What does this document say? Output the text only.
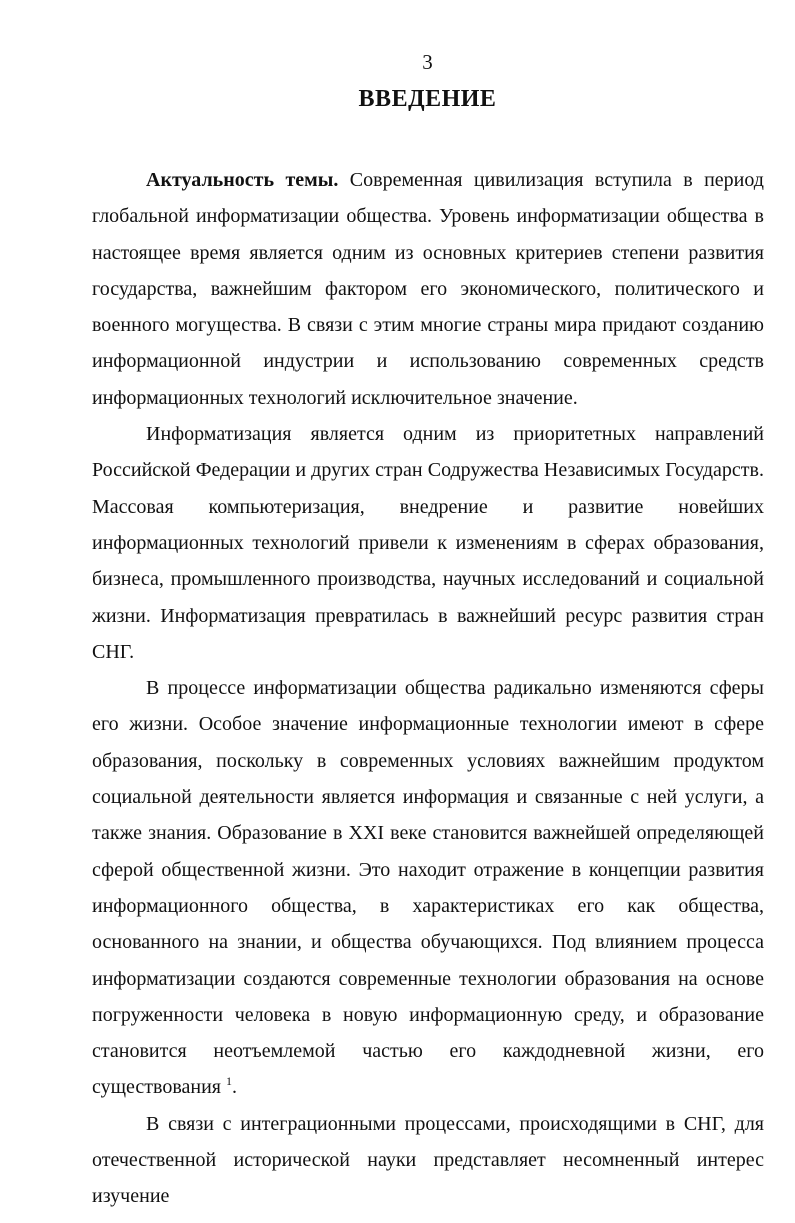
3
ВВЕДЕНИЕ

Актуальность темы. Современная цивилизация вступила в период глобальной информатизации общества. Уровень информатизации общества в настоящее время является одним из основных критериев степени развития государства, важнейшим фактором его экономического, политического и военного могущества. В связи с этим многие страны мира придают созданию информационной индустрии и использованию современных средств информационных технологий исключительное значение.

Информатизация является одним из приоритетных направлений Российской Федерации и других стран Содружества Независимых Государств. Массовая компьютеризация, внедрение и развитие новейших информационных технологий привели к изменениям в сферах образования, бизнеса, промышленного производства, научных исследований и социальной жизни. Информатизация превратилась в важнейший ресурс развития стран СНГ.

В процессе информатизации общества радикально изменяются сферы его жизни. Особое значение информационные технологии имеют в сфере образования, поскольку в современных условиях важнейшим продуктом социальной деятельности является информация и связанные с ней услуги, а также знания. Образование в XXI веке становится важнейшей определяющей сферой общественной жизни. Это находит отражение в концепции развития информационного общества, в характеристиках его как общества, основанного на знании, и общества обучающихся. Под влиянием процесса информатизации создаются современные технологии образования на основе погруженности человека в новую информационную среду, и образование становится неотъемлемой частью его каждодневной жизни, его существования $^1$.

В связи с интеграционными процессами, происходящими в СНГ, для отечественной исторической науки представляет несомненный интерес изучение
